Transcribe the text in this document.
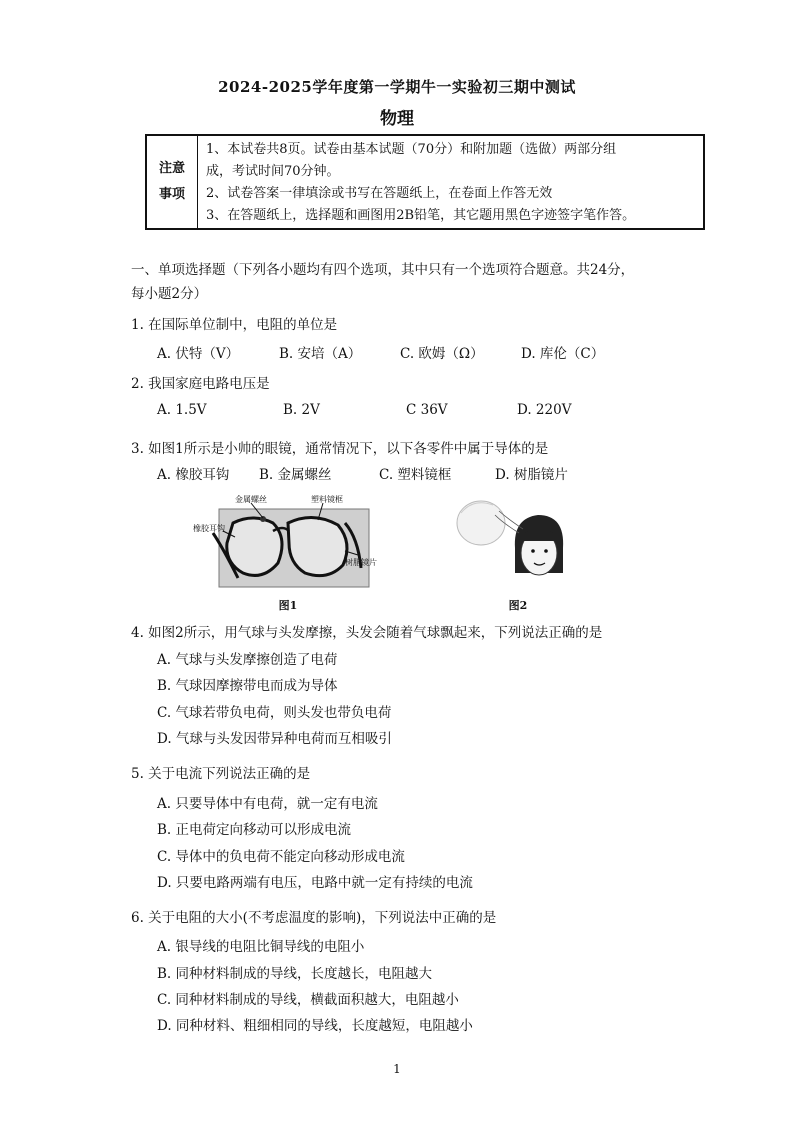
2024-2025学年度第一学期牛一实验初三期中测试
物理
注意
事项
1、本试卷共8页。试卷由基本试题（70分）和附加题（选做）两部分组
成，考试时间70分钟。
2、试卷答案一律填涂或书写在答题纸上，在卷面上作答无效
3、在答题纸上，选择题和画图用2B铅笔，其它题用黑色字迹签字笔作答。
一、单项选择题（下列各小题均有四个选项，其中只有一个选项符合题意。共24分，
每小题2分）
1. 在国际单位制中，电阻的单位是
A. 伏特（V）	B. 安培（A）	C. 欧姆（Ω）	D. 库伦（C）
2. 我国家庭电路电压是
A. 1.5V	B. 2V	C 36V	D. 220V
3. 如图1所示是小帅的眼镜，通常情况下，以下各零件中属于导体的是
A. 橡胶耳钩 B. 金属螺丝	C. 塑料镜框	D. 树脂镜片
金属螺丝	塑料镜框
橡胶耳钩
树脂镜片
图1	图2
4. 如图2所示，用气球与头发摩擦，头发会随着气球飘起来，下列说法正确的是
A. 气球与头发摩擦创造了电荷
B. 气球因摩擦带电而成为导体
C. 气球若带负电荷，则头发也带负电荷
D. 气球与头发因带异种电荷而互相吸引
5. 关于电流下列说法正确的是
A. 只要导体中有电荷，就一定有电流
B. 正电荷定向移动可以形成电流
C. 导体中的负电荷不能定向移动形成电流
D. 只要电路两端有电压，电路中就一定有持续的电流
6. 关于电阻的大小(不考虑温度的影响)，下列说法中正确的是
A. 银导线的电阻比铜导线的电阻小
B. 同种材料制成的导线，长度越长，电阻越大
C. 同种材料制成的导线，横截面积越大，电阻越小
D. 同种材料、粗细相同的导线，长度越短，电阻越小
1
